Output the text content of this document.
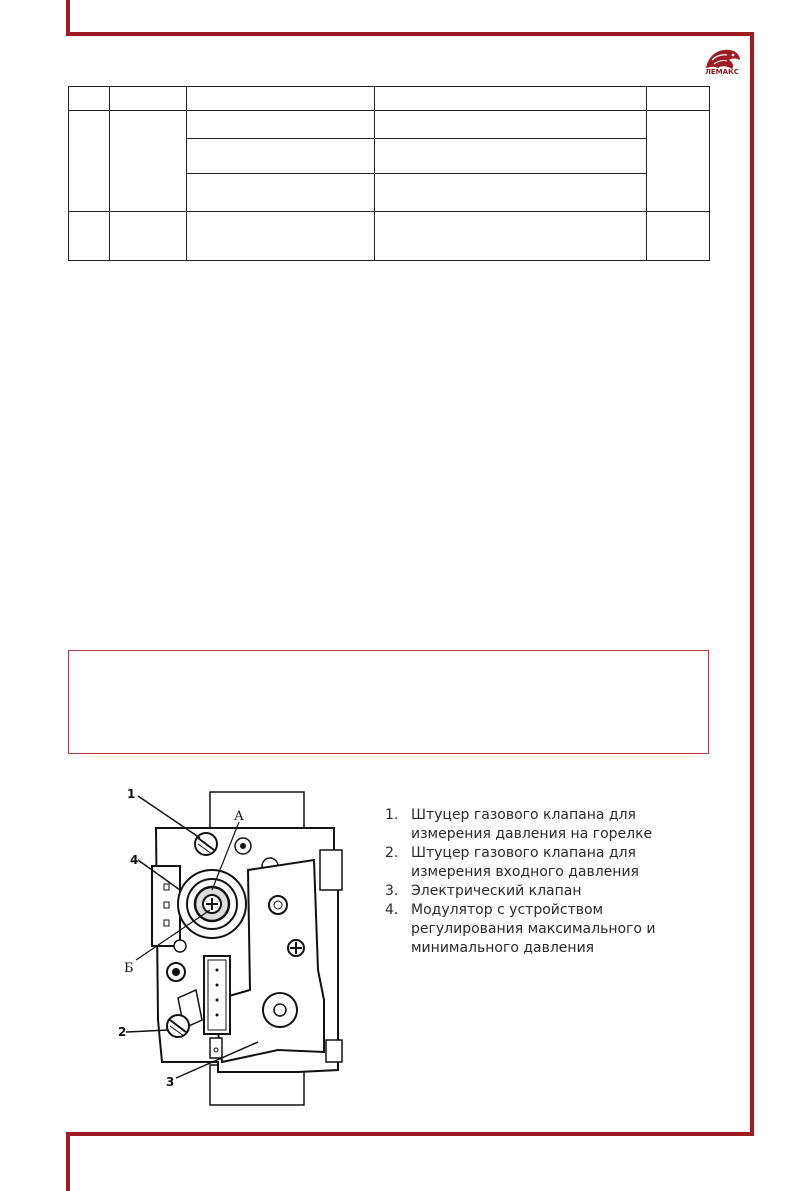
ЛЕМАКС

1
4
А
Б
2
3
1. Штуцер газового клапана для измерения давления на горелке
2. Штуцер газового клапана для измерения входного давления
3. Электрический клапан
4. Модулятор с устройством регулирования максимального и минимального давления
